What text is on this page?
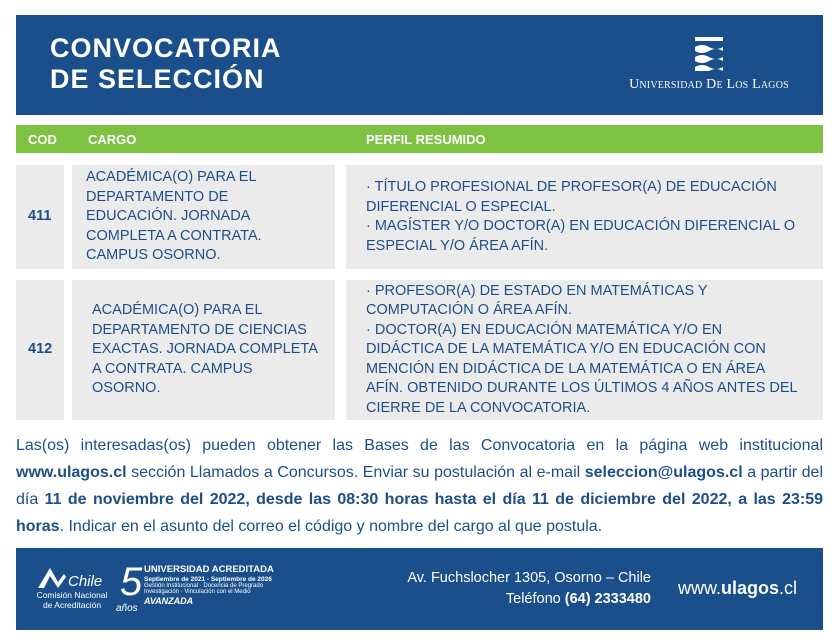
CONVOCATORIA
DE SELECCIÓN	Universidad De Los Lagos
COD CARGO	PERFIL RESUMIDO
411
ACADÉMICA(O) PARA EL DEPARTAMENTO DE EDUCACIÓN. JORNADA COMPLETA A CONTRATA. CAMPUS OSORNO.
· TÍTULO PROFESIONAL DE PROFESOR(A) DE EDUCACIÓN DIFERENCIAL O ESPECIAL.
· MAGÍSTER Y/O DOCTOR(A) EN EDUCACIÓN DIFERENCIAL O ESPECIAL Y/O ÁREA AFÍN.
412
ACADÉMICA(O) PARA EL DEPARTAMENTO DE CIENCIAS EXACTAS. JORNADA COMPLETA A CONTRATA. CAMPUS OSORNO.
· PROFESOR(A) DE ESTADO EN MATEMÁTICAS Y COMPUTACIÓN O ÁREA AFÍN.
· DOCTOR(A) EN EDUCACIÓN MATEMÁTICA Y/O EN DIDÁCTICA DE LA MATEMÁTICA Y/O EN EDUCACIÓN CON MENCIÓN EN DIDÁCTICA DE LA MATEMÁTICA O EN ÁREA AFÍN. OBTENIDO DURANTE LOS ÚLTIMOS 4 AÑOS ANTES DEL CIERRE DE LA CONVOCATORIA.
Las(os) interesadas(os) pueden obtener las Bases de las Convocatoria en la página web institucional www.ulagos.cl sección Llamados a Concursos. Enviar su postulación al e-mail seleccion@ulagos.cl a partir del día 11 de noviembre del 2022, desde las 08:30 horas hasta el día 11 de diciembre del 2022, a las 23:59 horas. Indicar en el asunto del correo el código y nombre del cargo al que postula.
Chile
Comisión Nacional
de Acreditación
5
años
UNIVERSIDAD ACREDITADA
Septiembre de 2021 - Septiembre de 2026
Gestión Institucional · Docencia de Pregrado
Investigación · Vinculación con el Medio
AVANZADA
Av. Fuchslocher 1305, Osorno – Chile
Teléfono (64) 2333480
www.ulagos.cl
